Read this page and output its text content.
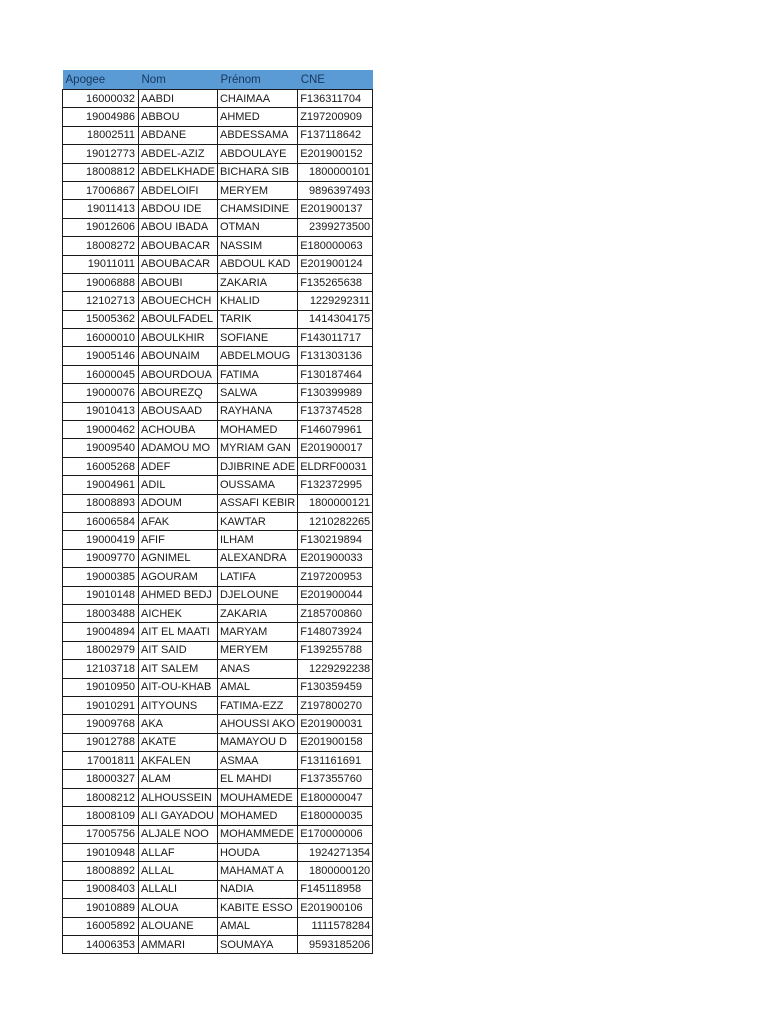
Apogee	Nom	Prénom	CNE
16000032	AABDI	CHAIMAA	F136311704
19004986	ABBOU	AHMED	Z197200909
18002511	ABDANE	ABDESSAMA	F137118642
19012773	ABDEL-AZIZ	ABDOULAYE	E201900152
18008812	ABDELKHADE	BICHARA SIB	1800000101
17006867	ABDELOIFI	MERYEM	9896397493
19011413	ABDOU IDE	CHAMSIDINE	E201900137
19012606	ABOU IBADA	OTMAN	2399273500
18008272	ABOUBACAR	NASSIM	E180000063
19011011	ABOUBACAR	ABDOUL KAD	E201900124
19006888	ABOUBI	ZAKARIA	F135265638
12102713	ABOUECHCH	KHALID	1229292311
15005362	ABOULFADEL	TARIK	1414304175
16000010	ABOULKHIR	SOFIANE	F143011717
19005146	ABOUNAIM	ABDELMOUG	F131303136
16000045	ABOURDOUA	FATIMA	F130187464
19000076	ABOUREZQ	SALWA	F130399989
19010413	ABOUSAAD	RAYHANA	F137374528
19000462	ACHOUBA	MOHAMED	F146079961
19009540	ADAMOU MO	MYRIAM GAN	E201900017
16005268	ADEF	DJIBRINE ADE	ELDRF00031
19004961	ADIL	OUSSAMA	F132372995
18008893	ADOUM	ASSAFI KEBIR	1800000121
16006584	AFAK	KAWTAR	1210282265
19000419	AFIF	ILHAM	F130219894
19009770	AGNIMEL	ALEXANDRA	E201900033
19000385	AGOURAM	LATIFA	Z197200953
19010148	AHMED BEDJ	DJELOUNE	E201900044
18003488	AICHEK	ZAKARIA	Z185700860
19004894	AIT EL MAATI	MARYAM	F148073924
18002979	AIT SAID	MERYEM	F139255788
12103718	AIT SALEM	ANAS	1229292238
19010950	AIT-OU-KHAB	AMAL	F130359459
19010291	AITYOUNS	FATIMA-EZZ	Z197800270
19009768	AKA	AHOUSSI AKO	E201900031
19012788	AKATE	MAMAYOU D	E201900158
17001811	AKFALEN	ASMAA	F131161691
18000327	ALAM	EL MAHDI	F137355760
18008212	ALHOUSSEIN	MOUHAMEDE	E180000047
18008109	ALI GAYADOU	MOHAMED	E180000035
17005756	ALJALE NOO	MOHAMMEDE	E170000006
19010948	ALLAF	HOUDA	1924271354
18008892	ALLAL	MAHAMAT A	1800000120
19008403	ALLALI	NADIA	F145118958
19010889	ALOUA	KABITE ESSO	E201900106
16005892	ALOUANE	AMAL	1111578284
14006353	AMMARI	SOUMAYA	9593185206
